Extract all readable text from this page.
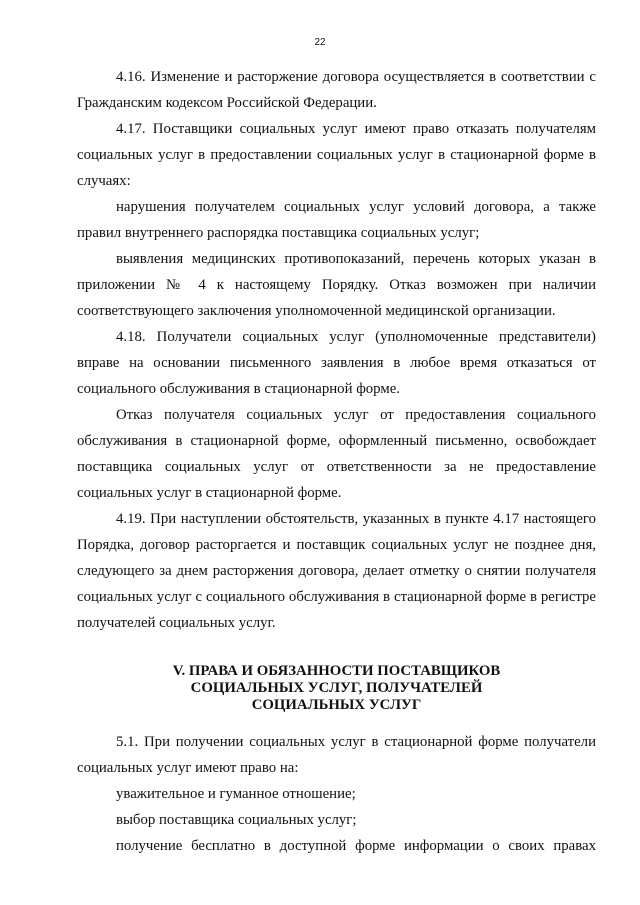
22

4.16. Изменение и расторжение договора осуществляется в соответствии с Гражданским кодексом Российской Федерации.

4.17. Поставщики социальных услуг имеют право отказать получателям социальных услуг в предоставлении социальных услуг в стационарной форме в случаях:

нарушения получателем социальных услуг условий договора, а также правил внутреннего распорядка поставщика социальных услуг;

выявления медицинских противопоказаний, перечень которых указан в приложении № 4 к настоящему Порядку. Отказ возможен при наличии соответствующего заключения уполномоченной медицинской организации.

4.18. Получатели социальных услуг (уполномоченные представители) вправе на основании письменного заявления в любое время отказаться от социального обслуживания в стационарной форме.

Отказ получателя социальных услуг от предоставления социального обслуживания в стационарной форме, оформленный письменно, освобождает поставщика социальных услуг от ответственности за не предоставление социальных услуг в стационарной форме.

4.19. При наступлении обстоятельств, указанных в пункте 4.17 настоящего Порядка, договор расторгается и поставщик социальных услуг не позднее дня, следующего за днем расторжения договора, делает отметку о снятии получателя социальных услуг с социального обслуживания в стационарной форме в регистре получателей социальных услуг.

V. ПРАВА И ОБЯЗАННОСТИ ПОСТАВЩИКОВ
СОЦИАЛЬНЫХ УСЛУГ, ПОЛУЧАТЕЛЕЙ
СОЦИАЛЬНЫХ УСЛУГ

5.1. При получении социальных услуг в стационарной форме получатели социальных услуг имеют право на:

уважительное и гуманное отношение;

выбор поставщика социальных услуг;

получение бесплатно в доступной форме информации о своих правах
